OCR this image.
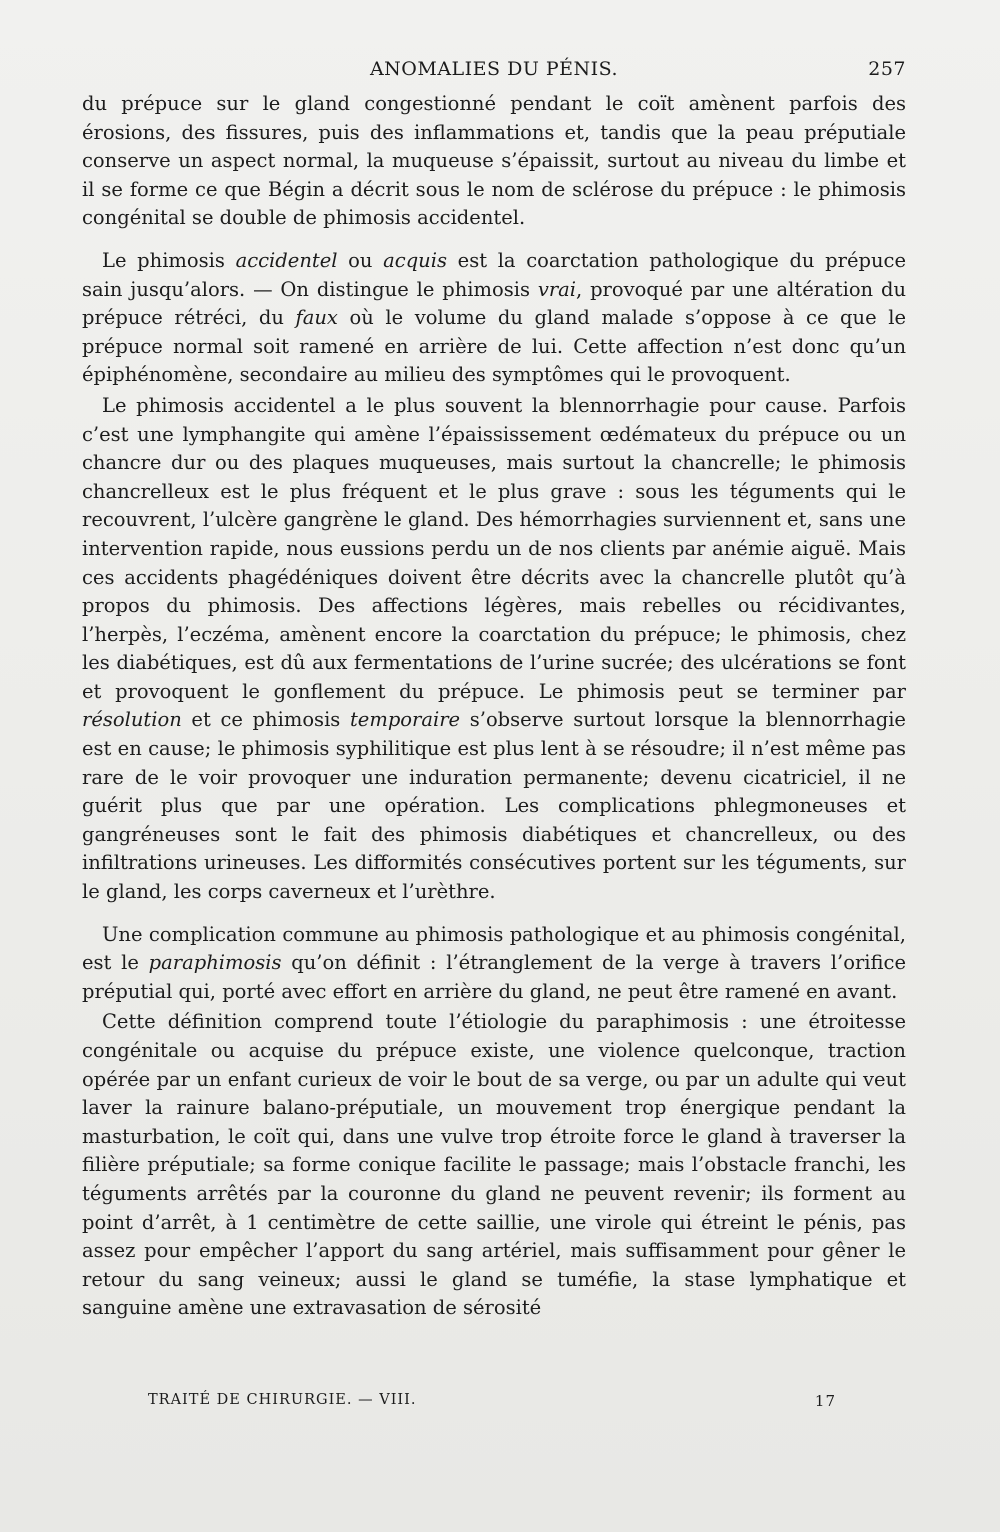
ANOMALIES DU PÉNIS.	257

du prépuce sur le gland congestionné pendant le coït amènent parfois des érosions, des fissures, puis des inflammations et, tandis que la peau préputiale conserve un aspect normal, la muqueuse s’épaissit, surtout au niveau du limbe et il se forme ce que Bégin a décrit sous le nom de sclérose du prépuce : le phimosis congénital se double de phimosis accidentel.

Le phimosis accidentel ou acquis est la coarctation pathologique du prépuce sain jusqu’alors. — On distingue le phimosis vrai, provoqué par une altération du prépuce rétréci, du faux où le volume du gland malade s’oppose à ce que le prépuce normal soit ramené en arrière de lui. Cette affection n’est donc qu’un épiphénomène, secondaire au milieu des symptômes qui le provoquent.

Le phimosis accidentel a le plus souvent la blennorrhagie pour cause. Parfois c’est une lymphangite qui amène l’épaississement œdémateux du prépuce ou un chancre dur ou des plaques muqueuses, mais surtout la chancrelle; le phimosis chancrelleux est le plus fréquent et le plus grave : sous les téguments qui le recouvrent, l’ulcère gangrène le gland. Des hémorrhagies surviennent et, sans une intervention rapide, nous eussions perdu un de nos clients par anémie aiguë. Mais ces accidents phagédéniques doivent être décrits avec la chancrelle plutôt qu’à propos du phimosis. Des affections légères, mais rebelles ou récidivantes, l’herpès, l’eczéma, amènent encore la coarctation du prépuce; le phimosis, chez les diabétiques, est dû aux fermentations de l’urine sucrée; des ulcérations se font et provoquent le gonflement du prépuce. Le phimosis peut se terminer par résolution et ce phimosis temporaire s’observe surtout lorsque la blennorrhagie est en cause; le phimosis syphilitique est plus lent à se résoudre; il n’est même pas rare de le voir provoquer une induration permanente; devenu cicatriciel, il ne guérit plus que par une opération. Les complications phlegmoneuses et gangréneuses sont le fait des phimosis diabétiques et chancrelleux, ou des infiltrations urineuses. Les difformités consécutives portent sur les téguments, sur le gland, les corps caverneux et l’urèthre.

Une complication commune au phimosis pathologique et au phimosis congénital, est le paraphimosis qu’on définit : l’étranglement de la verge à travers l’orifice préputial qui, porté avec effort en arrière du gland, ne peut être ramené en avant.

Cette définition comprend toute l’étiologie du paraphimosis : une étroitesse congénitale ou acquise du prépuce existe, une violence quelconque, traction opérée par un enfant curieux de voir le bout de sa verge, ou par un adulte qui veut laver la rainure balano-préputiale, un mouvement trop énergique pendant la masturbation, le coït qui, dans une vulve trop étroite force le gland à traverser la filière préputiale; sa forme conique facilite le passage; mais l’obstacle franchi, les téguments arrêtés par la couronne du gland ne peuvent revenir; ils forment au point d’arrêt, à 1 centimètre de cette saillie, une virole qui étreint le pénis, pas assez pour empêcher l’apport du sang artériel, mais suffisamment pour gêner le retour du sang veineux; aussi le gland se tuméfie, la stase lymphatique et sanguine amène une extravasation de sérosité

TRAITÉ DE CHIRURGIE. — VIII.	17
